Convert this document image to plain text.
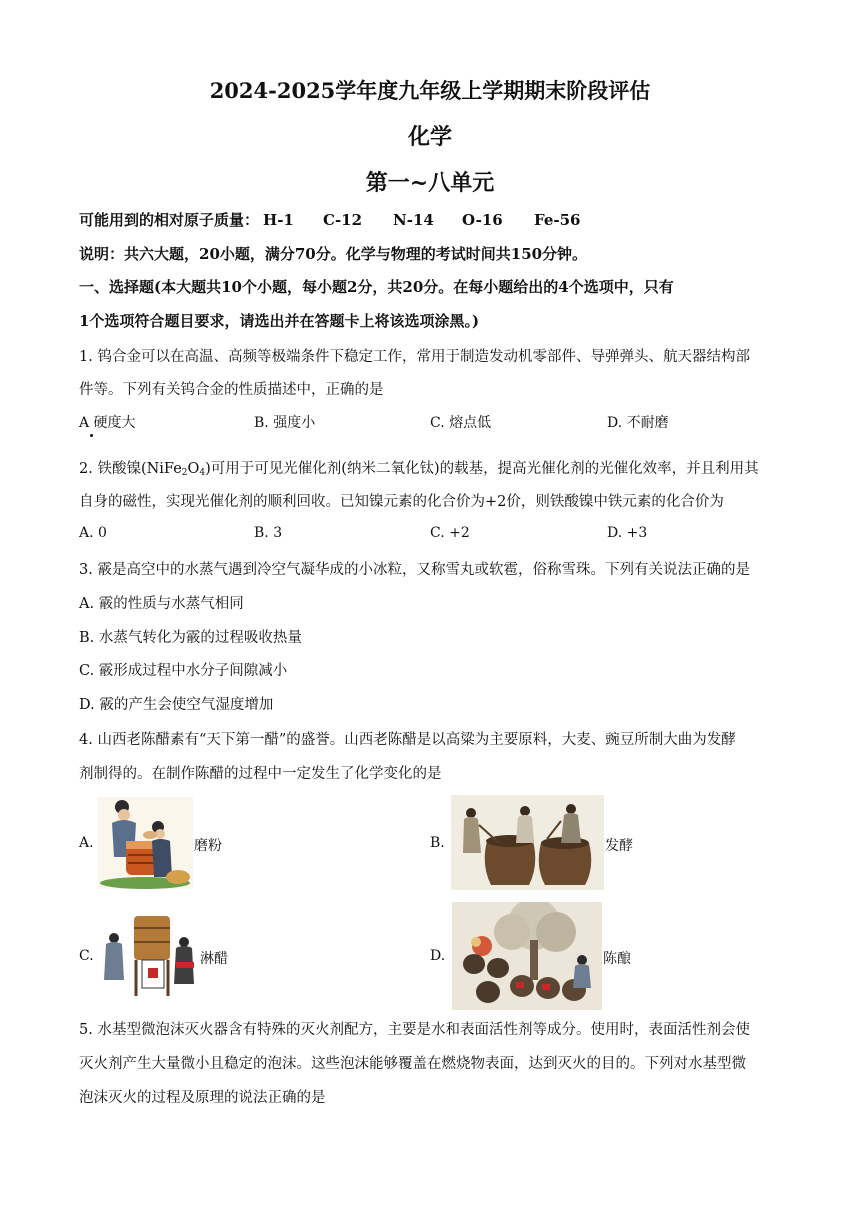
2024-2025学年度九年级上学期期末阶段评估
化学
第一~八单元
可能用到的相对原子质量： H-1 C-12 N-14 O-16 Fe-56
说明：共六大题，20小题，满分70分。化学与物理的考试时间共150分钟。
一、选择题(本大题共10个小题，每小题2分，共20分。在每小题给出的4个选项中，只有
1个选项符合题目要求，请选出并在答题卡上将该选项涂黑。)
1. 钨合金可以在高温、高频等极端条件下稳定工作，常用于制造发动机零部件、导弹弹头、航天器结构部
件等。下列有关钨合金的性质描述中，正确的是
A 硬度大	B. 强度小	C. 熔点低	D. 不耐磨
2. 铁酸镍$(NiFe_2O_4)$可用于可见光催化剂(纳米二氧化钛)的载基，提高光催化剂的光催化效率，并且利用其
自身的磁性，实现光催化剂的顺利回收。已知镍元素的化合价为+2价，则铁酸镍中铁元素的化合价为
A. 0	B. 3	C. +2	D. +3
3. 霰是高空中的水蒸气遇到冷空气凝华成的小冰粒，又称雪丸或软雹，俗称雪珠。下列有关说法正确的是
A. 霰的性质与水蒸气相同
B. 水蒸气转化为霰的过程吸收热量
C. 霰形成过程中水分子间隙减小
D. 霰的产生会使空气湿度增加
4. 山西老陈醋素有“天下第一醋”的盛誉。山西老陈醋是以高粱为主要原料，大麦、豌豆所制大曲为发酵
剂制得的。在制作陈醋的过程中一定发生了化学变化的是
A.	磨粉	B.	发酵
C.	淋醋	D.	陈酿
5. 水基型微泡沫灭火器含有特殊的灭火剂配方，主要是水和表面活性剂等成分。使用时，表面活性剂会使
灭火剂产生大量微小且稳定的泡沫。这些泡沫能够覆盖在燃烧物表面，达到灭火的目的。下列对水基型微
泡沫灭火的过程及原理的说法正确的是
